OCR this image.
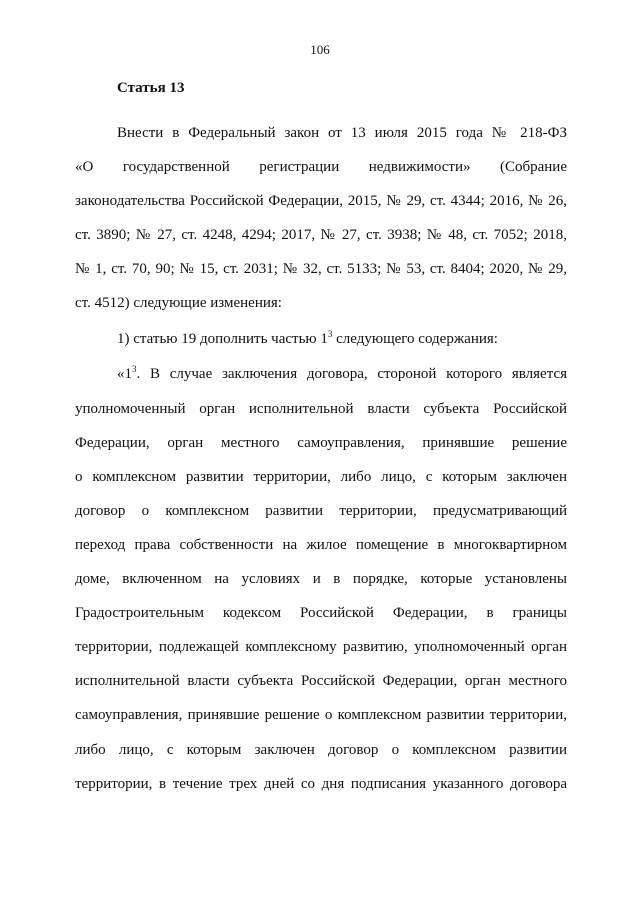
106
Статья 13
Внести в Федеральный закон от 13 июля 2015 года № 218-ФЗ
«О государственной регистрации недвижимости» (Собрание
законодательства Российской Федерации, 2015, № 29, ст. 4344; 2016, № 26,
ст. 3890; № 27, ст. 4248, 4294; 2017, № 27, ст. 3938; № 48, ст. 7052; 2018,
№ 1, ст. 70, 90; № 15, ст. 2031; № 32, ст. 5133; № 53, ст. 8404; 2020, № 29,
ст. 4512) следующие изменения:
1) статью 19 дополнить частью $1^3$ следующего содержания:
«$1^3$. В случае заключения договора, стороной которого является
уполномоченный орган исполнительной власти субъекта Российской
Федерации, орган местного самоуправления, принявшие решение
о комплексном развитии территории, либо лицо, с которым заключен
договор о комплексном развитии территории, предусматривающий
переход права собственности на жилое помещение в многоквартирном
доме, включенном на условиях и в порядке, которые установлены
Градостроительным кодексом Российской Федерации, в границы
территории, подлежащей комплексному развитию, уполномоченный орган
исполнительной власти субъекта Российской Федерации, орган местного
самоуправления, принявшие решение о комплексном развитии территории,
либо лицо, с которым заключен договор о комплексном развитии
территории, в течение трех дней со дня подписания указанного договора
